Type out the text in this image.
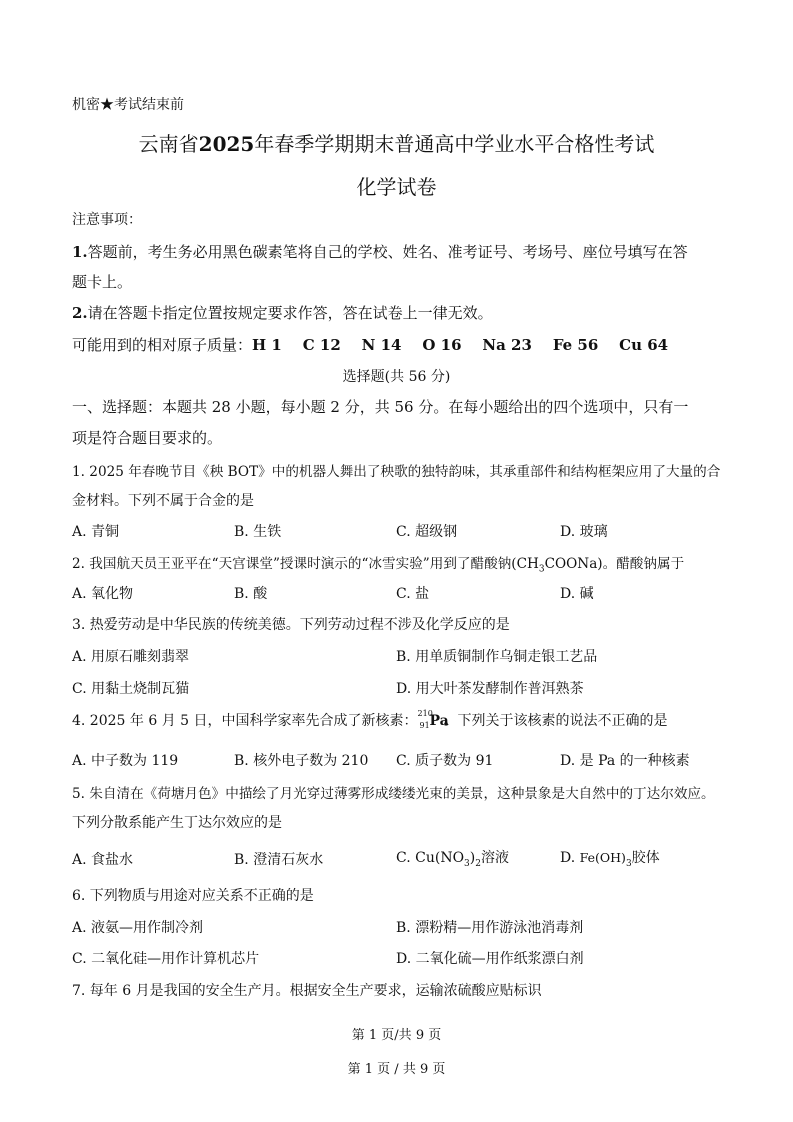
机密★考试结束前
云南省2025年春季学期期末普通高中学业水平合格性考试
化学试卷
注意事项：
1.答题前，考生务必用黑色碳素笔将自己的学校、姓名、准考证号、考场号、座位号填写在答
题卡上。
2.请在答题卡指定位置按规定要求作答，答在试卷上一律无效。
可能用到的相对原子质量：H 1    C 12    N 14    O 16    Na 23    Fe 56    Cu 64
选择题(共 56 分)
一、选择题：本题共 28 小题，每小题 2 分，共 56 分。在每小题给出的四个选项中，只有一
项是符合题目要求的。
1. 2025 年春晚节目《秧 BOT》中的机器人舞出了秧歌的独特韵味，其承重部件和结构框架应用了大量的合
金材料。下列不属于合金的是
A. 青铜	B. 生铁	C. 超级钢	D. 玻璃
2. 我国航天员王亚平在“天宫课堂”授课时演示的“冰雪实验”用到了醋酸钠$(CH_3COONa)$。醋酸钠属于
A. 氧化物	B. 酸	C. 盐	D. 碱
3. 热爱劳动是中华民族的传统美德。下列劳动过程不涉及化学反应的是
A. 用原石雕刻翡翠	B. 用单质铜制作乌铜走银工艺品
C. 用黏土烧制瓦猫	D. 用大叶茶发酵制作普洱熟茶
4. 2025 年 6 月 5 日，中国科学家率先合成了新核素： 210
91 Pa
。下列关于该核素的说法不正确的是
A. 中子数为 119	B. 核外电子数为 210 C. 质子数为 91	D. 是 Pa 的一种核素
5. 朱自清在《荷塘月色》中描绘了月光穿过薄雾形成缕缕光束的美景，这种景象是大自然中的丁达尔效应。
下列分散系能产生丁达尔效应的是
A. 食盐水	B. 澄清石灰水	C. $Cu(NO_3)_2$溶液	D. $Fe(OH)_3$胶体
6. 下列物质与用途对应关系不正确的是
A. 液氨—用作制冷剂	B. 漂粉精—用作游泳池消毒剂
C. 二氧化硅—用作计算机芯片	D. 二氧化硫—用作纸浆漂白剂
7. 每年 6 月是我国的安全生产月。根据安全生产要求，运输浓硫酸应贴标识
第 1 页/共 9 页
第 1 页 / 共 9 页
